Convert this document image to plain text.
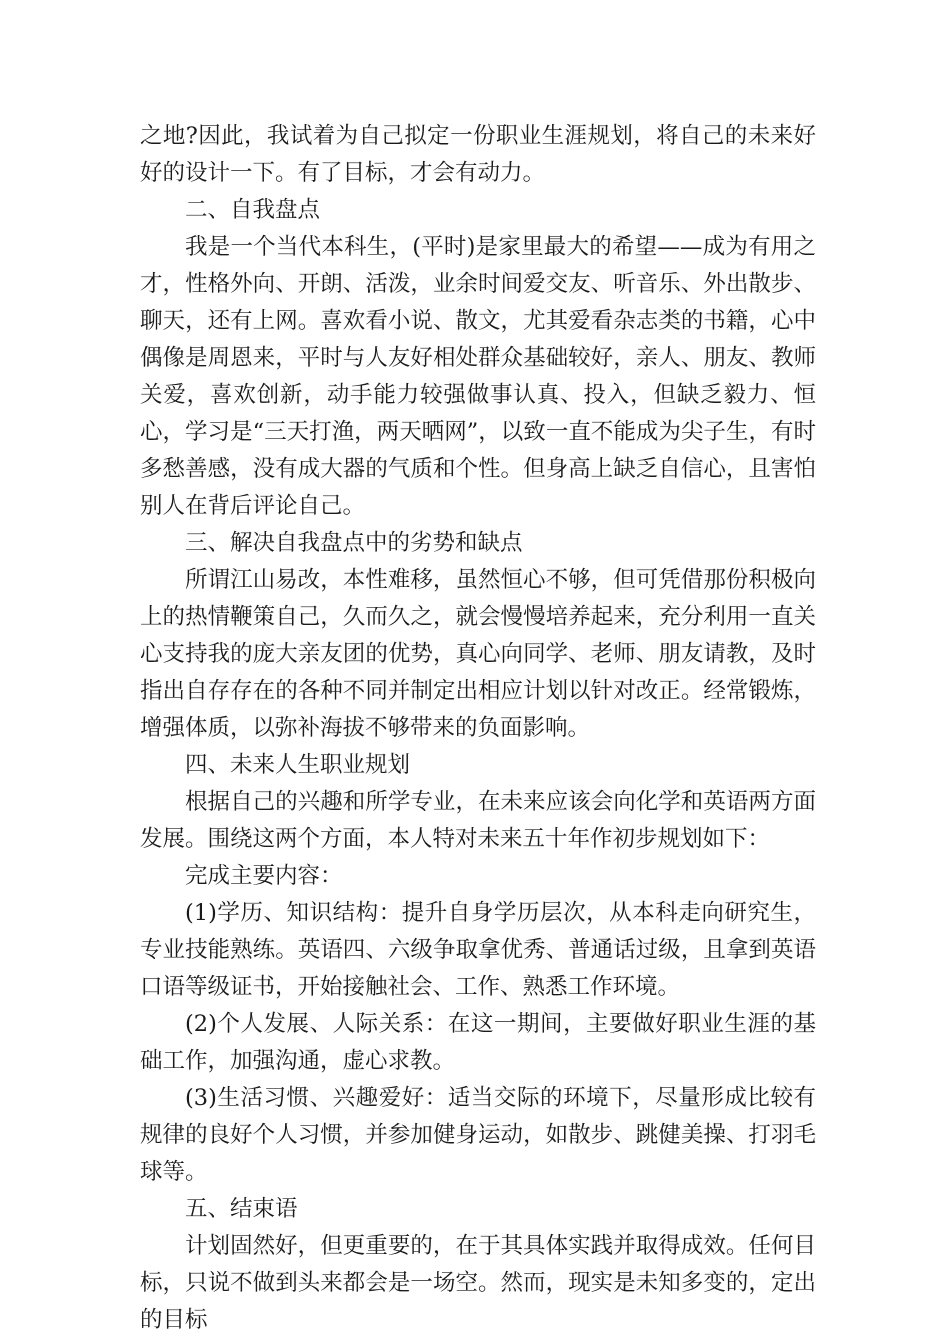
之地?因此，我试着为自己拟定一份职业生涯规划，将自己的未来好好的设计一下。有了目标，才会有动力。

二、自我盘点

我是一个当代本科生，(平时)是家里最大的希望——成为有用之才，性格外向、开朗、活泼，业余时间爱交友、听音乐、外出散步、聊天，还有上网。喜欢看小说、散文，尤其爱看杂志类的书籍，心中偶像是周恩来，平时与人友好相处群众基础较好，亲人、朋友、教师关爱，喜欢创新，动手能力较强做事认真、投入，但缺乏毅力、恒心，学习是“三天打渔，两天晒网”，以致一直不能成为尖子生，有时多愁善感，没有成大器的气质和个性。但身高上缺乏自信心，且害怕别人在背后评论自己。

三、解决自我盘点中的劣势和缺点

所谓江山易改，本性难移，虽然恒心不够，但可凭借那份积极向上的热情鞭策自己，久而久之，就会慢慢培养起来，充分利用一直关心支持我的庞大亲友团的优势，真心向同学、老师、朋友请教，及时指出自存存在的各种不同并制定出相应计划以针对改正。经常锻炼，增强体质，以弥补海拔不够带来的负面影响。

四、未来人生职业规划

根据自己的兴趣和所学专业，在未来应该会向化学和英语两方面发展。围绕这两个方面，本人特对未来五十年作初步规划如下：

完成主要内容：

(1)学历、知识结构：提升自身学历层次，从本科走向研究生，专业技能熟练。英语四、六级争取拿优秀、普通话过级，且拿到英语口语等级证书，开始接触社会、工作、熟悉工作环境。

(2)个人发展、人际关系：在这一期间，主要做好职业生涯的基础工作，加强沟通，虚心求教。

(3)生活习惯、兴趣爱好：适当交际的环境下，尽量形成比较有规律的良好个人习惯，并参加健身运动，如散步、跳健美操、打羽毛球等。

五、结束语

计划固然好，但更重要的，在于其具体实践并取得成效。任何目标，只说不做到头来都会是一场空。然而，现实是未知多变的，定出的目标
